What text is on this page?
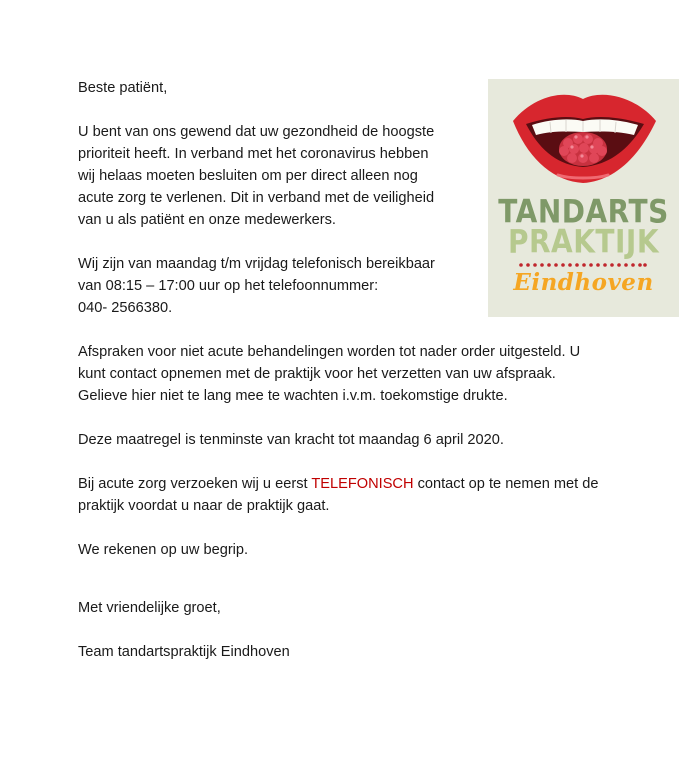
Beste patiënt,

U bent van ons gewend dat uw gezondheid de hoogste

prioriteit heeft. In verband met het coronavirus hebben

wij helaas moeten besluiten om per direct alleen nog

acute zorg te verlenen. Dit in verband met de veiligheid

van u als patiënt en onze medewerkers.

Wij zijn van maandag t/m vrijdag telefonisch bereikbaar

van 08:15 – 17:00 uur op het telefoonnummer:

040- 2566380.

Afspraken voor niet acute behandelingen worden tot nader order uitgesteld. U

kunt contact opnemen met de praktijk voor het verzetten van uw afspraak.

Gelieve hier niet te lang mee te wachten i.v.m. toekomstige drukte.

Deze maatregel is tenminste van kracht tot maandag 6 april 2020.

Bij acute zorg verzoeken wij u eerst TELEFONISCH contact op te nemen met de

praktijk voordat u naar de praktijk gaat.

We rekenen op uw begrip.

Met vriendelijke groet,

Team tandartspraktijk Eindhoven

TANDARTS
PRAKTIJK
Eindhoven
